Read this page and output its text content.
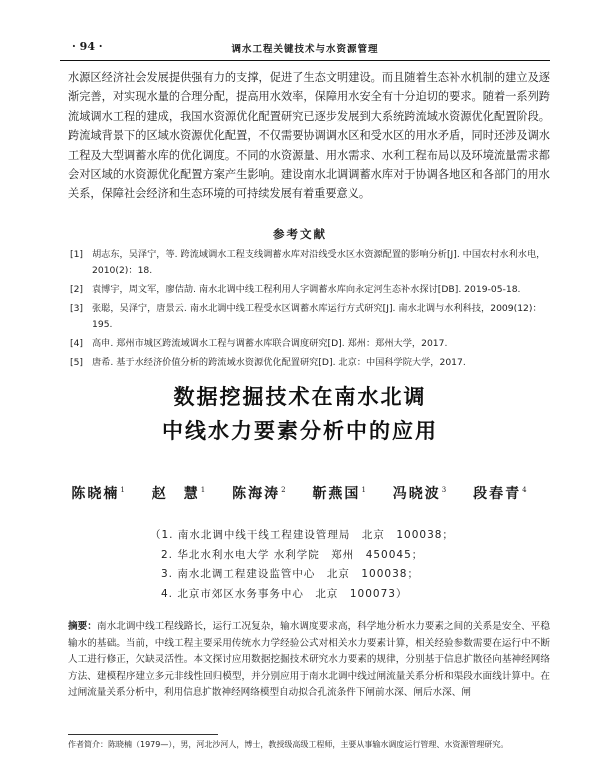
· 94 ·	调水工程关键技术与水资源管理

水源区经济社会发展提供强有力的支撑，促进了生态文明建设。而且随着生态补水机制的建立及逐渐完善，对实现水量的合理分配，提高用水效率，保障用水安全有十分迫切的要求。随着一系列跨流域调水工程的建成，我国水资源优化配置研究已逐步发展到大系统跨流域水资源优化配置阶段。跨流域背景下的区域水资源优化配置，不仅需要协调调水区和受水区的用水矛盾，同时还涉及调水工程及大型调蓄水库的优化调度。不同的水资源量、用水需求、水利工程布局以及环境流量需求都会对区域的水资源优化配置方案产生影响。建设南水北调调蓄水库对于协调各地区和各部门的用水关系，保障社会经济和生态环境的可持续发展有着重要意义。

参考文献
[1] 胡志东，吴泽宁，等. 跨流域调水工程支线调蓄水库对沿线受水区水资源配置的影响分析[J]. 中国农村水利水电，2010(2)：18.
[2] 袁博宇，周文军，廖佶劼. 南水北调中线工程利用人字调蓄水库向永定河生态补水探讨[DB]. 2019-05-18.
[3] 张聪，吴泽宁，唐景云. 南水北调中线工程受水区调蓄水库运行方式研究[J]. 南水北调与水利科技，2009(12)：195.
[4] 高申. 郑州市城区跨流域调水工程与调蓄水库联合调度研究[D]. 郑州：郑州大学，2017.
[5] 唐希. 基于水经济价值分析的跨流域水资源优化配置研究[D]. 北京：中国科学院大学，2017.
数据挖掘技术在南水北调
中线水力要素分析中的应用
陈晓楠$^1$ 赵　慧$^1$ 陈海涛$^2$ 靳燕国$^1$ 冯晓波$^3$ 段春青$^4$
（1. 南水北调中线干线工程建设管理局　北京　100038；
2. 华北水利水电大学 水利学院　郑州　450045；
3. 南水北调工程建设监管中心　北京　100038；
4. 北京市郊区水务事务中心　北京　100073）

摘要：南水北调中线工程线路长，运行工况复杂，输水调度要求高，科学地分析水力要素之间的关系是安全、平稳输水的基础。当前，中线工程主要采用传统水力学经验公式对相关水力要素计算，相关经验参数需要在运行中不断人工进行修正，欠缺灵活性。本文探讨应用数据挖掘技术研究水力要素的规律，分别基于信息扩散径向基神经网络方法、建模程序建立多元非线性回归模型，并分别应用于南水北调中线过闸流量关系分析和渠段水面线计算中。在过闸流量关系分析中，利用信息扩散神经网络模型自动拟合孔流条件下闸前水深、闸后水深、闸

作者简介：陈晓楠（1979—），男，河北沙河人，博士，教授级高级工程师，主要从事输水调度运行管理、水资源管理研究。
